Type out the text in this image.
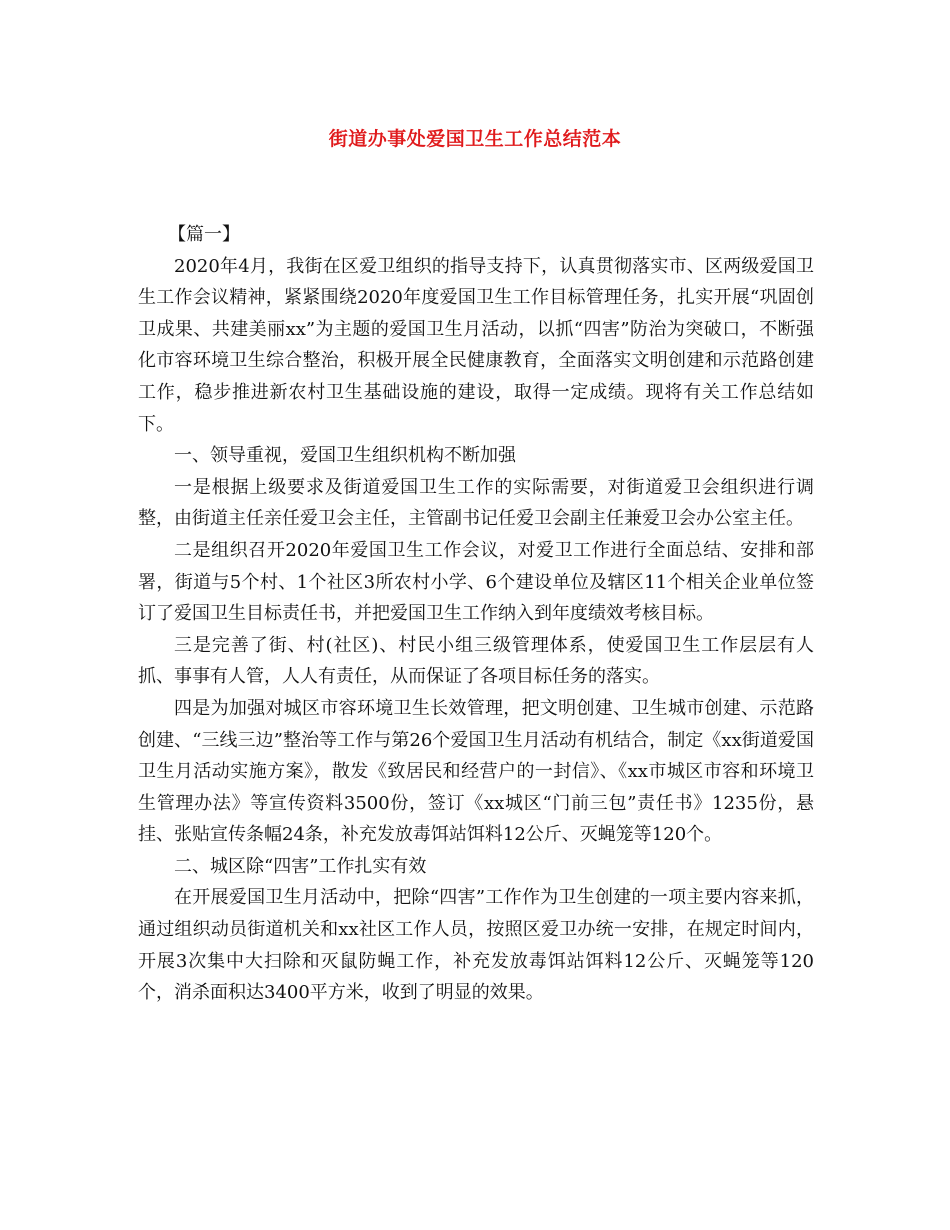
街道办事处爱国卫生工作总结范本

【篇一】

2020年4月，我街在区爱卫组织的指导支持下，认真贯彻落实市、区两级爱国卫生工作会议精神，紧紧围绕2020年度爱国卫生工作目标管理任务，扎实开展“巩固创卫成果、共建美丽xx”为主题的爱国卫生月活动，以抓“四害”防治为突破口，不断强化市容环境卫生综合整治，积极开展全民健康教育，全面落实文明创建和示范路创建工作，稳步推进新农村卫生基础设施的建设，取得一定成绩。现将有关工作总结如下。

一、领导重视，爱国卫生组织机构不断加强

一是根据上级要求及街道爱国卫生工作的实际需要，对街道爱卫会组织进行调整，由街道主任亲任爱卫会主任，主管副书记任爱卫会副主任兼爱卫会办公室主任。

二是组织召开2020年爱国卫生工作会议，对爱卫工作进行全面总结、安排和部署，街道与5个村、1个社区3所农村小学、6个建设单位及辖区11个相关企业单位签订了爱国卫生目标责任书，并把爱国卫生工作纳入到年度绩效考核目标。

三是完善了街、村(社区)、村民小组三级管理体系，使爱国卫生工作层层有人抓、事事有人管，人人有责任，从而保证了各项目标任务的落实。

四是为加强对城区市容环境卫生长效管理，把文明创建、卫生城市创建、示范路创建、“三线三边”整治等工作与第26个爱国卫生月活动有机结合，制定《xx街道爱国卫生月活动实施方案》，散发《致居民和经营户的一封信》、《xx市城区市容和环境卫生管理办法》等宣传资料3500份，签订《xx城区“门前三包”责任书》1235份，悬挂、张贴宣传条幅24条，补充发放毒饵站饵料12公斤、灭蝇笼等120个。

二、城区除“四害”工作扎实有效

在开展爱国卫生月活动中，把除“四害”工作作为卫生创建的一项主要内容来抓，通过组织动员街道机关和xx社区工作人员，按照区爱卫办统一安排，在规定时间内，开展3次集中大扫除和灭鼠防蝇工作，补充发放毒饵站饵料12公斤、灭蝇笼等120个，消杀面积达3400平方米，收到了明显的效果。
